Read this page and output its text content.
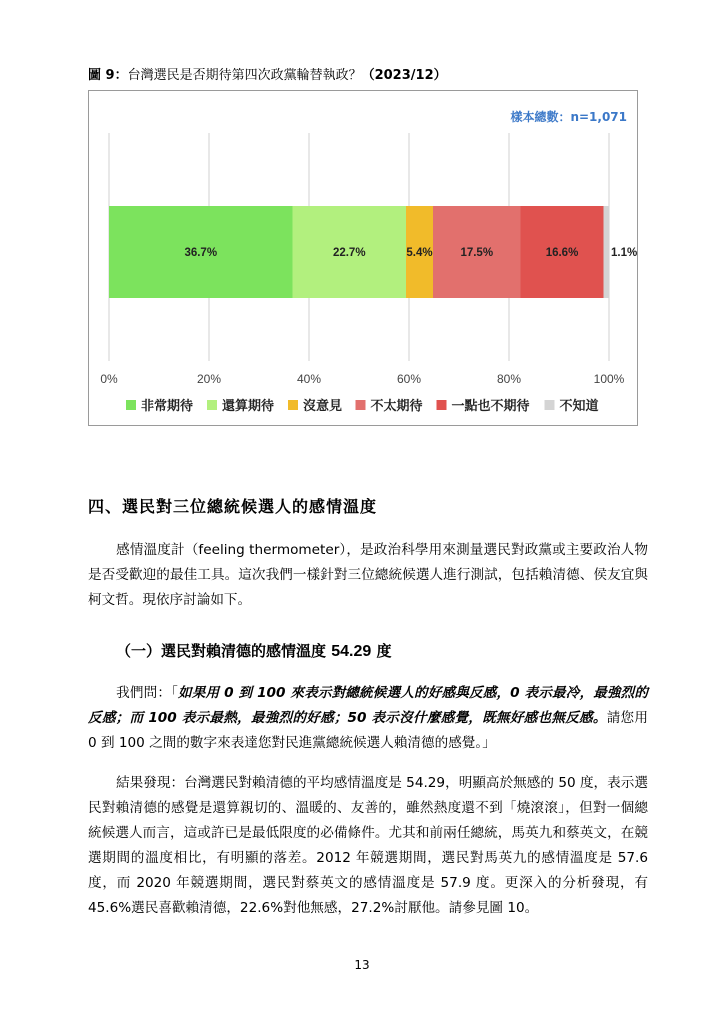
圖 9：台灣選民是否期待第四次政黨輪替執政？（2023/12）
樣本總數：n=1,071
0%	20%	40%	60%	80%	100%
36.7%	22.7%	5.4% 17.5%	16.6%	1.1%
非常期待 還算期待 沒意見 不太期待 一點也不期待 不知道
四、選民對三位總統候選人的感情溫度
感情溫度計（feeling thermometer），是政治科學用來測量選民對政黨或主要政治人物是否受歡迎的最佳工具。這次我們一樣針對三位總統候選人進行測試，包括賴清德、侯友宜與柯文哲。現依序討論如下。
（一）選民對賴清德的感情溫度 54.29 度
我們問：「如果用 0 到 100 來表示對總統候選人的好感與反感，0 表示最冷，最強烈的反感；而 100 表示最熱，最強烈的好感；50 表示沒什麼感覺，既無好感也無反感。請您用 0 到 100 之間的數字來表達您對民進黨總統候選人賴清德的感覺。」
結果發現：台灣選民對賴清德的平均感情溫度是 54.29，明顯高於無感的 50 度，表示選民對賴清德的感覺是還算親切的、溫暖的、友善的，雖然熱度還不到「燒滾滾」，但對一個總統候選人而言，這或許已是最低限度的必備條件。尤其和前兩任總統，馬英九和蔡英文，在競選期間的溫度相比，有明顯的落差。2012 年競選期間，選民對馬英九的感情溫度是 57.6 度，而 2020 年競選期間，選民對蔡英文的感情溫度是 57.9 度。更深入的分析發現，有 45.6%選民喜歡賴清德，22.6%對他無感，27.2%討厭他。請參見圖 10。
13
